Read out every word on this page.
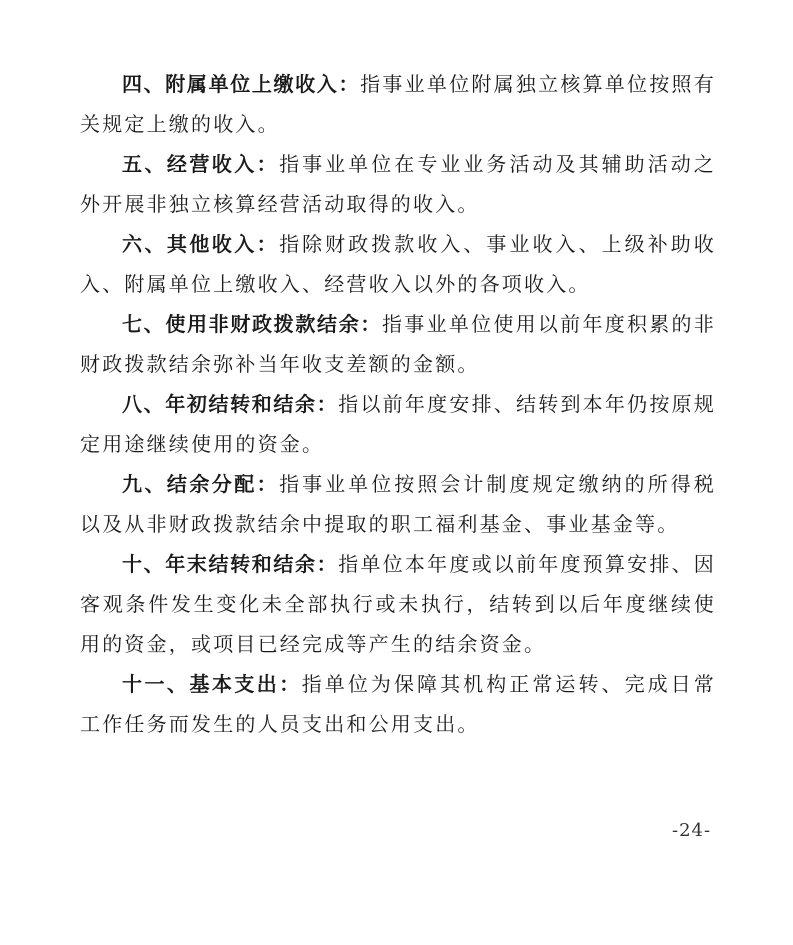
四、附属单位上缴收入：指事业单位附属独立核算单位按照有关规定上缴的收入。

五、经营收入：指事业单位在专业业务活动及其辅助活动之外开展非独立核算经营活动取得的收入。

六、其他收入：指除财政拨款收入、事业收入、上级补助收入、附属单位上缴收入、经营收入以外的各项收入。

七、使用非财政拨款结余：指事业单位使用以前年度积累的非财政拨款结余弥补当年收支差额的金额。

八、年初结转和结余：指以前年度安排、结转到本年仍按原规定用途继续使用的资金。

九、结余分配：指事业单位按照会计制度规定缴纳的所得税以及从非财政拨款结余中提取的职工福利基金、事业基金等。

十、年末结转和结余：指单位本年度或以前年度预算安排、因客观条件发生变化未全部执行或未执行，结转到以后年度继续使用的资金，或项目已经完成等产生的结余资金。

十一、基本支出：指单位为保障其机构正常运转、完成日常工作任务而发生的人员支出和公用支出。

-24-
